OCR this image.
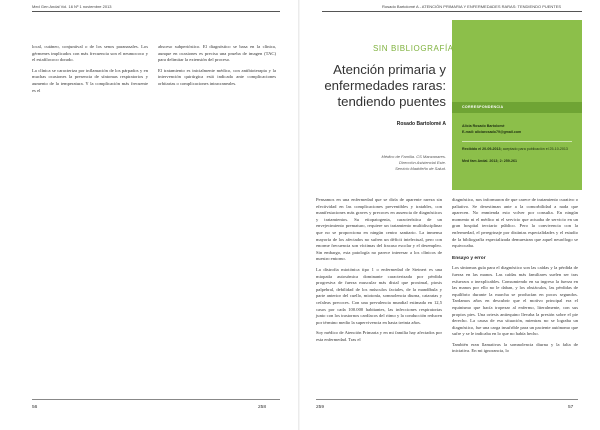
Med Gen Andal Vol. 16 Nº 1 noviembre 2013

local, cutáneo, conjuntival o de los senos paranasales. Los gérmenes implicados con más frecuencia son el neumococo y el estafilococo dorado.

La clínica se caracteriza por inflamación de los párpados y en muchas ocasiones la presencia de síntomas respiratorios y aumento de la temperatura. Y la complicación más frecuente es el

absceso subperióstico. El diagnóstico se basa en la clínica, aunque en ocasiones es precisa una prueba de imagen (TAC) para delimitar la extensión del proceso.

El tratamiento es inicialmente médico, con antibioterapia y la intervención quirúrgica está indicada ante complicaciones orbitarias o complicaciones intracraneales.

56	258
Rosado Bartolomé A - ATENCIÓN PRIMARIA Y ENFERMEDADES RARAS: TENDIENDO PUENTES
CORRESPONDENCIA
Alicia Rosado Bartolomé
E-mail: aliciarosado79@gmail.com
Recibido el 20-09-2013; aceptado para publicación el 25-10-2013
Med fam Andal. 2013; 2: 259-261
SIN BIBLIOGRAFÍA
Atención primaria y
enfermedades raras:
tendiendo puentes
Rosado Bartolomé A
Médico de Familia. CS Manzanares.
Dirección Asistencial Este.
Servicio Madrileño de Salud.

Pensamos en una enfermedad que se diría de aparente rareza sin efectividad en las complicaciones preventibles y tratables, con manifestaciones más graves y precoces en ausencia de diagnósticos y tratamientos. Su etiopatogenia, característica de un envejecimiento prematuro, requiere un tratamiento multidisciplinar que no se proporciona en ningún centro sanitario. La inmensa mayoría de los afectados no sufren un déficit intelectual, pero con enorme frecuencia son víctimas del fracaso escolar y el desempleo. Sin embargo, esta patología no parece interesar a los clínicos de nuestro entorno.

La distrofia miotónica tipo 1 o enfermedad de Steinert es una miopatía autosómica dominante caracterizada por pérdida progresiva de fuerza muscular más distal que proximal, ptosis palpebral, debilidad de los músculos faciales, de la mandíbula y parte anterior del cuello, miotonía, somnolencia diurna, cataratas y cefaleas precoces. Con una prevalencia mundial estimada en 12,5 casos por cada 100.000 habitantes, las infecciones respiratorias junto con los trastornos cardíacos del ritmo y la conducción reducen por término medio la supervivencia en hasta treinta años.

Soy médico de Atención Primaria y en mi familia hay afectados por esta enfermedad. Tras el

diagnóstico, nos informaron de que carece de tratamiento curativo o paliativo. Se desestiman ante a la comorbilidad a nada que aparecen. No enmienda esto volver por consulta. En ningún momento ni el médico ni el servicio que actuaba de servicio en un gran hospital terciario público. Pero la convivencia con la enfermedad, el peregrinaje por distintas especialidades y el estudio de la bibliografía especializada demuestran que aquel neurólogo se equivocaba.

Ensayo y error

Los síntomas guía para el diagnóstico son las caídas y la pérdida de fuerza en las manos. Las caídas más familiares suelen ser tras esfuerzos o inexplicables. Consumiendo en su ingreso la fuerza en las manos por ello no le daban, y los obstáculos, las pérdidas de equilibrio durante la marcha se producían en pocos segundos. Tardamos años en descubrir que el motivo principal era el equinismo que hacía tropezar al enfermo, literalmente, con sus propios pies. Una ortesis antiequino llevaba la presión sobre el pie derecho. La causa de esa situación, mientras no se lograba un diagnóstico, fue una carga insufrible para un paciente autónomo que sufre y se le indicaba en lo que no había hecho.

También eran llamativas la somnolencia diurna y la falta de iniciativa. En mi ignorancia, lo

259	57
